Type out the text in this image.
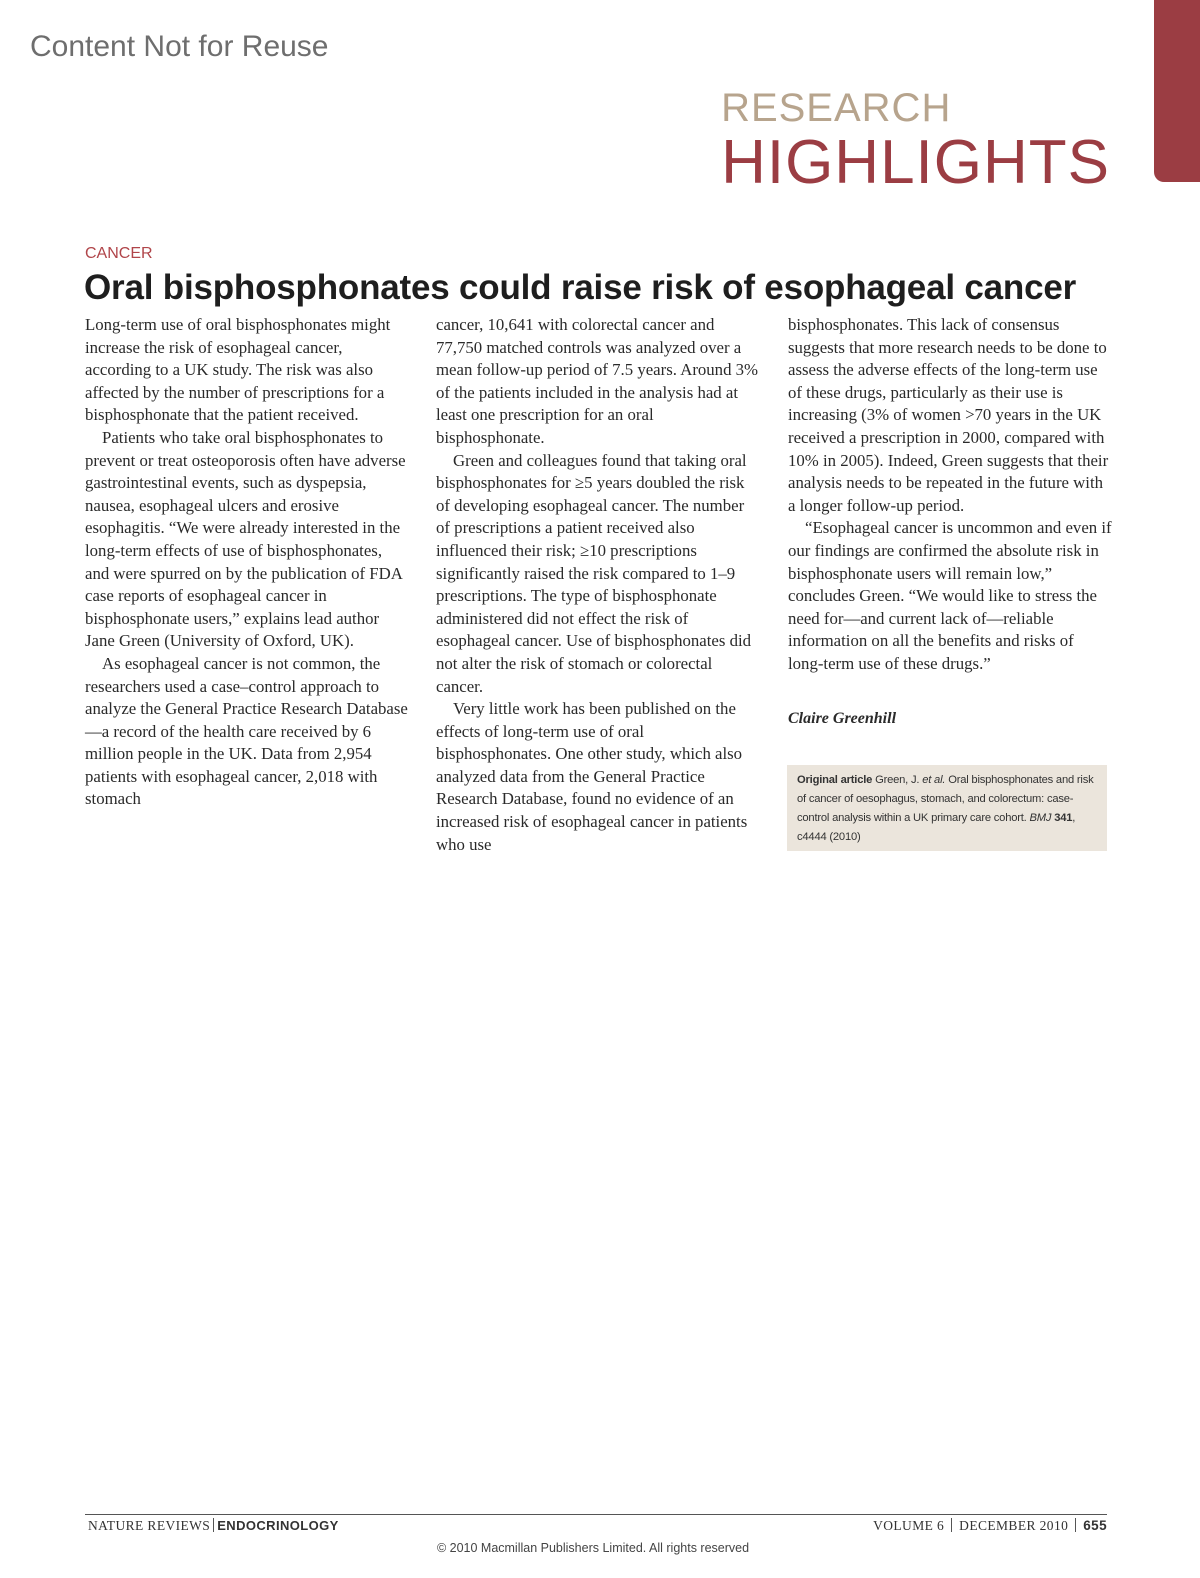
Content Not for Reuse
RESEARCH
HIGHLIGHTS
CANCER
Oral bisphosphonates could raise risk of esophageal cancer

Long-term use of oral bisphosphonates might increase the risk of esophageal cancer, according to a UK study. The risk was also affected by the number of prescriptions for a bisphosphonate that the patient received.

Patients who take oral bisphosphonates to prevent or treat osteoporosis often have adverse gastrointestinal events, such as dyspepsia, nausea, esophageal ulcers and erosive esophagitis. “We were already interested in the long-term effects of use of bisphosphonates, and were spurred on by the publication of FDA case reports of esophageal cancer in bisphosphonate users,” explains lead author Jane Green (University of Oxford, UK).

As esophageal cancer is not common, the researchers used a case–control approach to analyze the General Practice Research Database—a record of the health care received by 6 million people in the UK. Data from 2,954 patients with esophageal cancer, 2,018 with stomach

cancer, 10,641 with colorectal cancer and 77,750 matched controls was analyzed over a mean follow-up period of 7.5 years. Around 3% of the patients included in the analysis had at least one prescription for an oral bisphosphonate.

Green and colleagues found that taking oral bisphosphonates for ≥5 years doubled the risk of developing esophageal cancer. The number of prescriptions a patient received also influenced their risk; ≥10 prescriptions significantly raised the risk compared to 1–9 prescriptions. The type of bisphosphonate administered did not effect the risk of esophageal cancer. Use of bisphosphonates did not alter the risk of stomach or colorectal cancer.

Very little work has been published on the effects of long-term use of oral bisphosphonates. One other study, which also analyzed data from the General Practice Research Database, found no evidence of an increased risk of esophageal cancer in patients who use

bisphosphonates. This lack of consensus suggests that more research needs to be done to assess the adverse effects of the long-term use of these drugs, particularly as their use is increasing (3% of women >70 years in the UK received a prescription in 2000, compared with 10% in 2005). Indeed, Green suggests that their analysis needs to be repeated in the future with a longer follow-up period.

“Esophageal cancer is uncommon and even if our findings are confirmed the absolute risk in bisphosphonate users will remain low,” concludes Green. “We would like to stress the need for—and current lack of—reliable information on all the benefits and risks of long-term use of these drugs.”

Claire Greenhill
Original article Green, J. et al. Oral bisphosphonates and risk of cancer of oesophagus, stomach, and colorectum: case-control analysis within a UK primary care cohort. BMJ 341, c4444 (2010)
NATURE REVIEWS ENDOCRINOLOGY	VOLUME 6 DECEMBER 2010 655
© 2010 Macmillan Publishers Limited. All rights reserved
